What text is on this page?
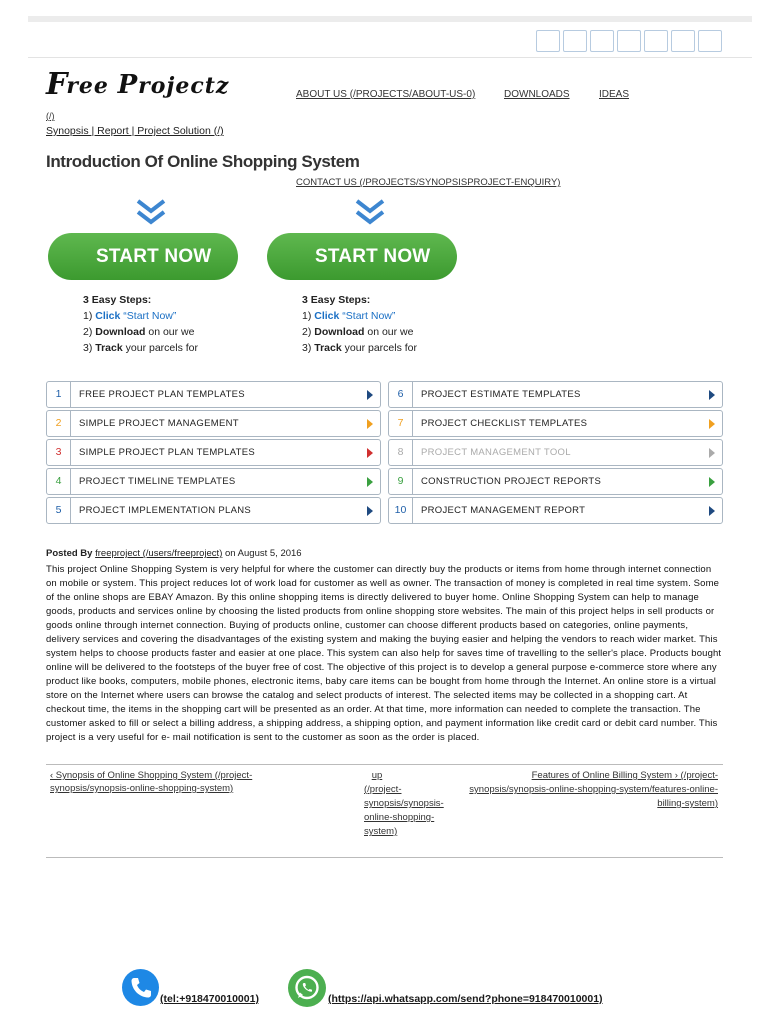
F ree Projectz	ABOUT US (/PROJECTS/ABOUT-US-0)	DOWNLOADS	IDEAS
(/)
Synopsis | Report | Project Solution (/)
Introduction Of Online Shopping System
CONTACT US (/PROJECTS/SYNOPSISPROJECT-ENQUIRY)
START NOW
3 Easy Steps:
1) Click “Start Now”
2) Download on our we
3) Track your parcels for
START NOW
3 Easy Steps:
1) Click “Start Now”
2) Download on our we
3) Track your parcels for
1	FREE PROJECT PLAN TEMPLATES
2	SIMPLE PROJECT MANAGEMENT
3	SIMPLE PROJECT PLAN TEMPLATES
4	PROJECT TIMELINE TEMPLATES
5	PROJECT IMPLEMENTATION PLANS
6	PROJECT ESTIMATE TEMPLATES
7	PROJECT CHECKLIST TEMPLATES
8	PROJECT MANAGEMENT TOOL
9	CONSTRUCTION PROJECT REPORTS
10	PROJECT MANAGEMENT REPORT
Posted By freeproject (/users/freeproject) on August 5, 2016
This project Online Shopping System is very helpful for where the customer can directly buy the products or items from home through internet connection on mobile or system. This project reduces lot of work load for customer as well as owner. The transaction of money is completed in real time system. Some of the online shops are EBAY Amazon. By this online shopping items is directly delivered to buyer home. Online Shopping System can help to manage goods, products and services online by choosing the listed products from online shopping store websites. The main of this project helps in sell products or goods online through internet connection. Buying of products online, customer can choose different products based on categories, online payments, delivery services and covering the disadvantages of the existing system and making the buying easier and helping the vendors to reach wider market. This system helps to choose products faster and easier at one place. This system can also help for saves time of travelling to the seller's place. Products bought online will be delivered to the footsteps of the buyer free of cost. The objective of this project is to develop a general purpose e-commerce store where any product like books, computers, mobile phones, electronic items, baby care items can be bought from home through the Internet. An online store is a virtual store on the Internet where users can browse the catalog and select products of interest. The selected items may be collected in a shopping cart. At checkout time, the items in the shopping cart will be presented as an order. At that time, more information can needed to complete the transaction. The customer asked to fill or select a billing address, a shipping address, a shipping option, and payment information like credit card or debit card number. This project is a very useful for e- mail notification is sent to the customer as soon as the order is placed.
‹ Synopsis of Online Shopping System (/project-synopsis/synopsis-online-shopping-system)
up
(/project-synopsis/synopsis-online-shopping-system)
Features of Online Billing System › (/project-synopsis/synopsis-online-shopping-system/features-online-billing-system)
(tel:+918470010001)	(https://api.whatsapp.com/send?phone=918470010001)
